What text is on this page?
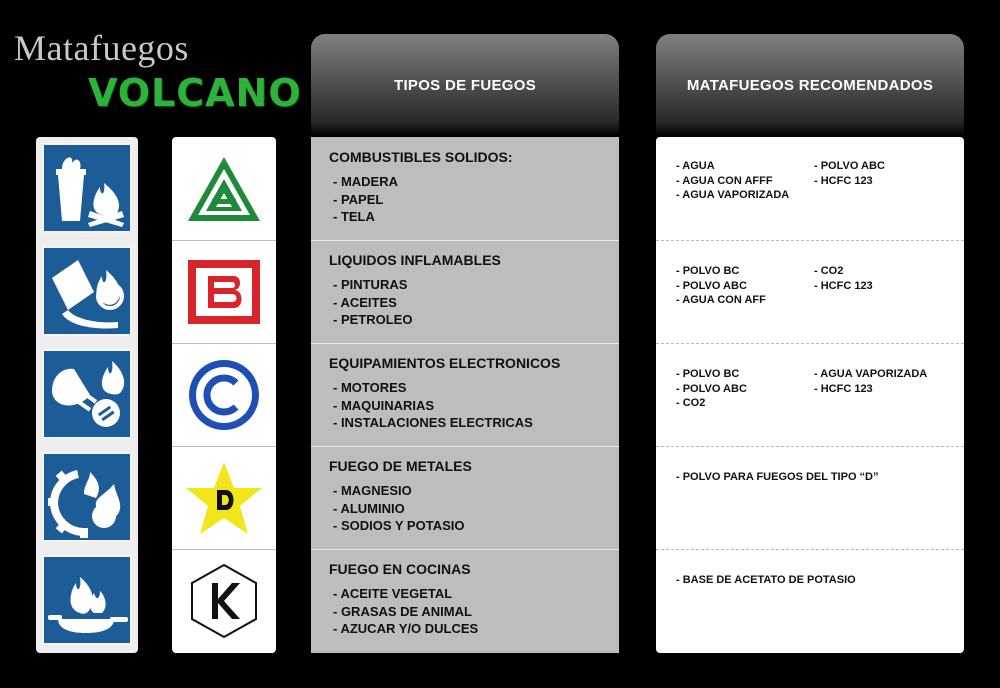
Matafuegos
VOLCANO	TIPOS DE FUEGOS	MATAFUEGOS RECOMENDADOS
COMBUSTIBLES SOLIDOS:
- MADERA
- PAPEL
- TELA
LIQUIDOS INFLAMABLES
- PINTURAS
- ACEITES
- PETROLEO
EQUIPAMIENTOS ELECTRONICOS
- MOTORES
- MAQUINARIAS
- INSTALACIONES ELECTRICAS
FUEGO DE METALES
- MAGNESIO
- ALUMINIO
- SODIOS Y POTASIO
FUEGO EN COCINAS
- ACEITE VEGETAL
- GRASAS DE ANIMAL
- AZUCAR Y/O DULCES
- AGUA
- AGUA CON AFFF
- AGUA VAPORIZADA
- POLVO ABC
- HCFC 123
- POLVO BC
- POLVO ABC
- AGUA CON AFF
- CO2
- HCFC 123
- POLVO BC
- POLVO ABC
- CO2
- AGUA VAPORIZADA
- HCFC 123
- POLVO PARA FUEGOS DEL TIPO “D”
- BASE DE ACETATO DE POTASIO
